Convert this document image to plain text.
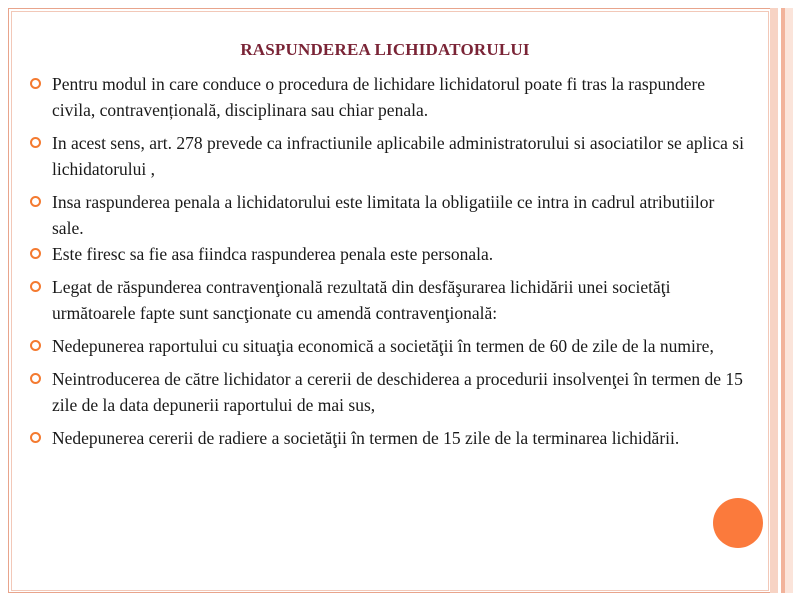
RASPUNDEREA LICHIDATORULUI
Pentru modul in care conduce o procedura de lichidare lichidatorul poate fi tras la raspundere civila, contravențională, disciplinara sau chiar penala.
In acest sens, art. 278 prevede ca infractiunile aplicabile administratorului si asociatilor se aplica si lichidatorului ,
Insa raspunderea penala a lichidatorului este limitata la obligatiile ce intra in cadrul atributiilor sale.
Este firesc sa fie asa fiindca raspunderea penala este personala.
Legat de răspunderea contravenţională rezultată din desfăşurarea lichidării unei societăţi următoarele fapte sunt sancţionate cu amendă contravenţională:
Nedepunerea raportului cu situaţia economică a societăţii în termen de 60 de zile de la numire,
Neintroducerea de către lichidator a cererii de deschiderea a procedurii insolvenţei în termen de 15 zile de la data depunerii raportului de mai sus,
Nedepunerea cererii de radiere a societăţii în termen de 15 zile de la terminarea lichidării.
